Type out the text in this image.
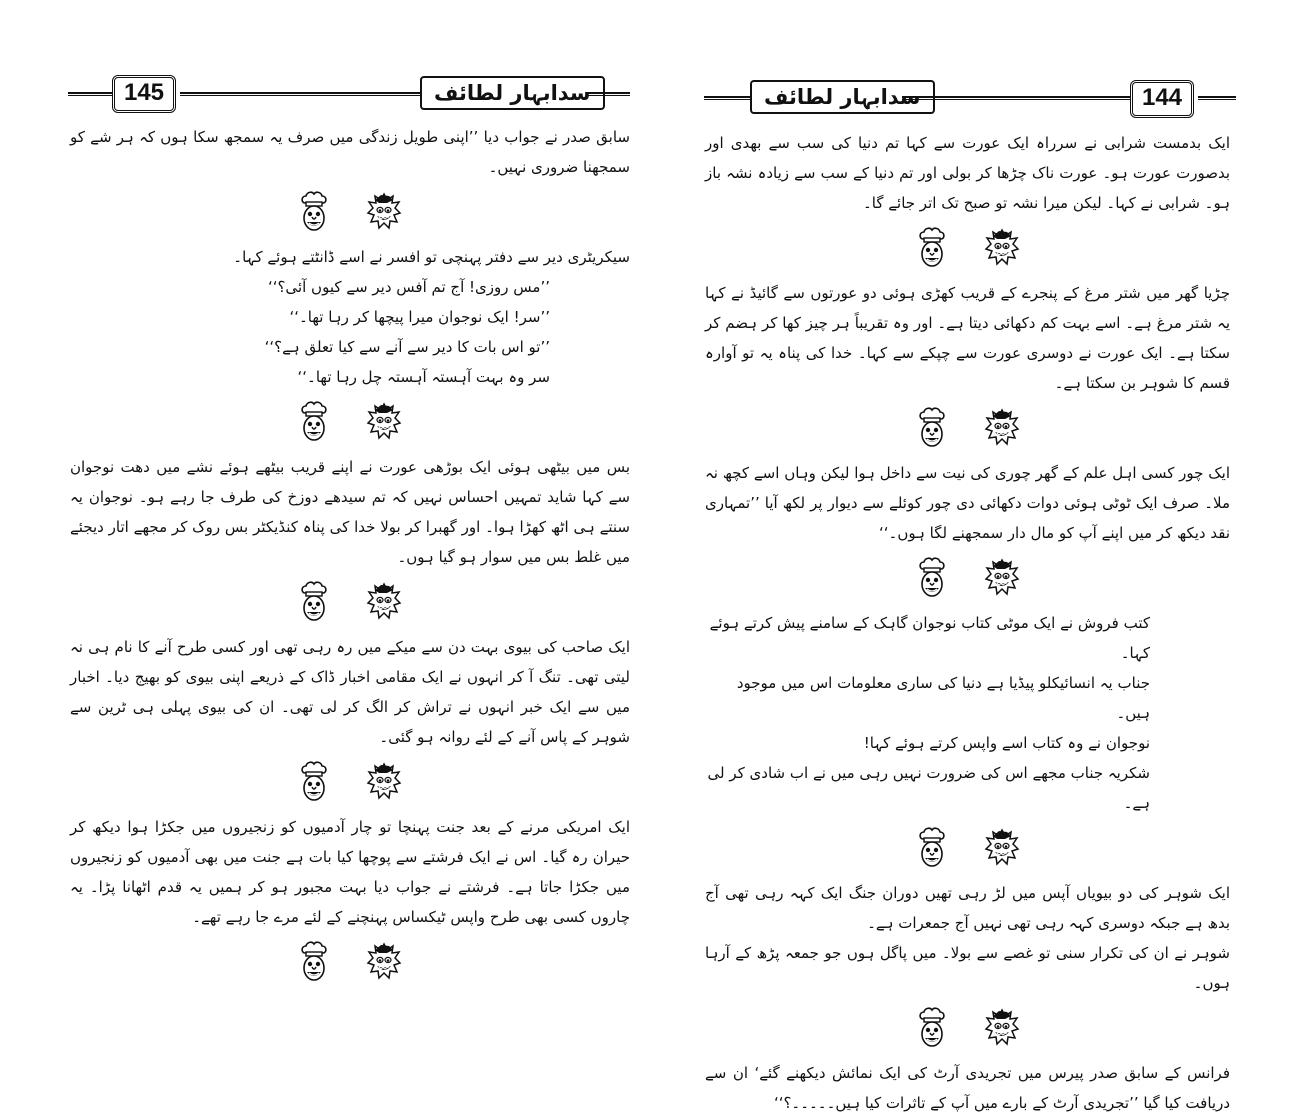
145	سدابہار لطائف

سابق صدر نے جواب دیا ’’اپنی طویل زندگی میں صرف یہ سمجھ سکا ہوں کہ ہر شے کو سمجھنا ضروری نہیں۔

سیکریٹری دیر سے دفتر پہنچی تو افسر نے اسے ڈانٹتے ہوئے کہا۔

’’مس روزی! آج تم آفس دیر سے کیوں آئی؟‘‘

’’سر! ایک نوجوان میرا پیچھا کر رہا تھا۔‘‘

’’تو اس بات کا دیر سے آنے سے کیا تعلق ہے؟‘‘

سر وہ بہت آہستہ آہستہ چل رہا تھا۔‘‘

بس میں بیٹھی ہوئی ایک بوڑھی عورت نے اپنے قریب بیٹھے ہوئے نشے میں دھت نوجوان سے کہا شاید تمہیں احساس نہیں کہ تم سیدھے دوزخ کی طرف جا رہے ہو۔ نوجوان یہ سنتے ہی اٹھ کھڑا ہوا۔ اور گھبرا کر بولا خدا کی پناہ کنڈیکٹر بس روک کر مجھے اتار دیجئے میں غلط بس میں سوار ہو گیا ہوں۔

ایک صاحب کی بیوی بہت دن سے میکے میں رہ رہی تھی اور کسی طرح آنے کا نام ہی نہ لیتی تھی۔ تنگ آ کر انہوں نے ایک مقامی اخبار ڈاک کے ذریعے اپنی بیوی کو بھیج دیا۔ اخبار میں سے ایک خبر انہوں نے تراش کر الگ کر لی تھی۔ ان کی بیوی پہلی ہی ٹرین سے شوہر کے پاس آنے کے لئے روانہ ہو گئی۔

ایک امریکی مرنے کے بعد جنت پہنچا تو چار آدمیوں کو زنجیروں میں جکڑا ہوا دیکھ کر حیران رہ گیا۔ اس نے ایک فرشتے سے پوچھا کیا بات ہے جنت میں بھی آدمیوں کو زنجیروں میں جکڑا جاتا ہے۔ فرشتے نے جواب دیا بہت مجبور ہو کر ہمیں یہ قدم اٹھانا پڑا۔ یہ چاروں کسی بھی طرح واپس ٹیکساس پہنچنے کے لئے مرے جا رہے تھے۔

سدابہار لطائف	144

ایک بدمست شرابی نے سرراہ ایک عورت سے کہا تم دنیا کی سب سے بھدی اور بدصورت عورت ہو۔ عورت ناک چڑھا کر بولی اور تم دنیا کے سب سے زیادہ نشہ باز ہو۔ شرابی نے کہا۔ لیکن میرا نشہ تو صبح تک اتر جائے گا۔

چڑیا گھر میں شتر مرغ کے پنجرے کے قریب کھڑی ہوئی دو عورتوں سے گائیڈ نے کہا یہ شتر مرغ ہے۔ اسے بہت کم دکھائی دیتا ہے۔ اور وہ تقریباً ہر چیز کھا کر ہضم کر سکتا ہے۔ ایک عورت نے دوسری عورت سے چپکے سے کہا۔ خدا کی پناہ یہ تو آوارہ قسم کا شوہر بن سکتا ہے۔

ایک چور کسی اہل علم کے گھر چوری کی نیت سے داخل ہوا لیکن وہاں اسے کچھ نہ ملا۔ صرف ایک ٹوٹی ہوئی دوات دکھائی دی چور کوئلے سے دیوار پر لکھ آیا ’’تمہاری نقد دیکھ کر میں اپنے آپ کو مال دار سمجھنے لگا ہوں۔‘‘

کتب فروش نے ایک موٹی کتاب نوجوان گاہک کے سامنے پیش کرتے ہوئے کہا۔

جناب یہ انسائیکلو پیڈیا ہے دنیا کی ساری معلومات اس میں موجود ہیں۔

نوجوان نے وہ کتاب اسے واپس کرتے ہوئے کہا!

شکریہ جناب مجھے اس کی ضرورت نہیں رہی میں نے اب شادی کر لی ہے۔

ایک شوہر کی دو بیویاں آپس میں لڑ رہی تھیں دوران جنگ ایک کہہ رہی تھی آج بدھ ہے جبکہ دوسری کہہ رہی تھی نہیں آج جمعرات ہے۔

شوہر نے ان کی تکرار سنی تو غصے سے بولا۔ میں پاگل ہوں جو جمعہ پڑھ کے آرہا ہوں۔

فرانس کے سابق صدر پیرس میں تجریدی آرٹ کی ایک نمائش دیکھنے گئے‘ ان سے دریافت کیا گیا ’’تجریدی آرٹ کے بارے میں آپ کے تاثرات کیا ہیں۔۔۔۔۔؟‘‘
